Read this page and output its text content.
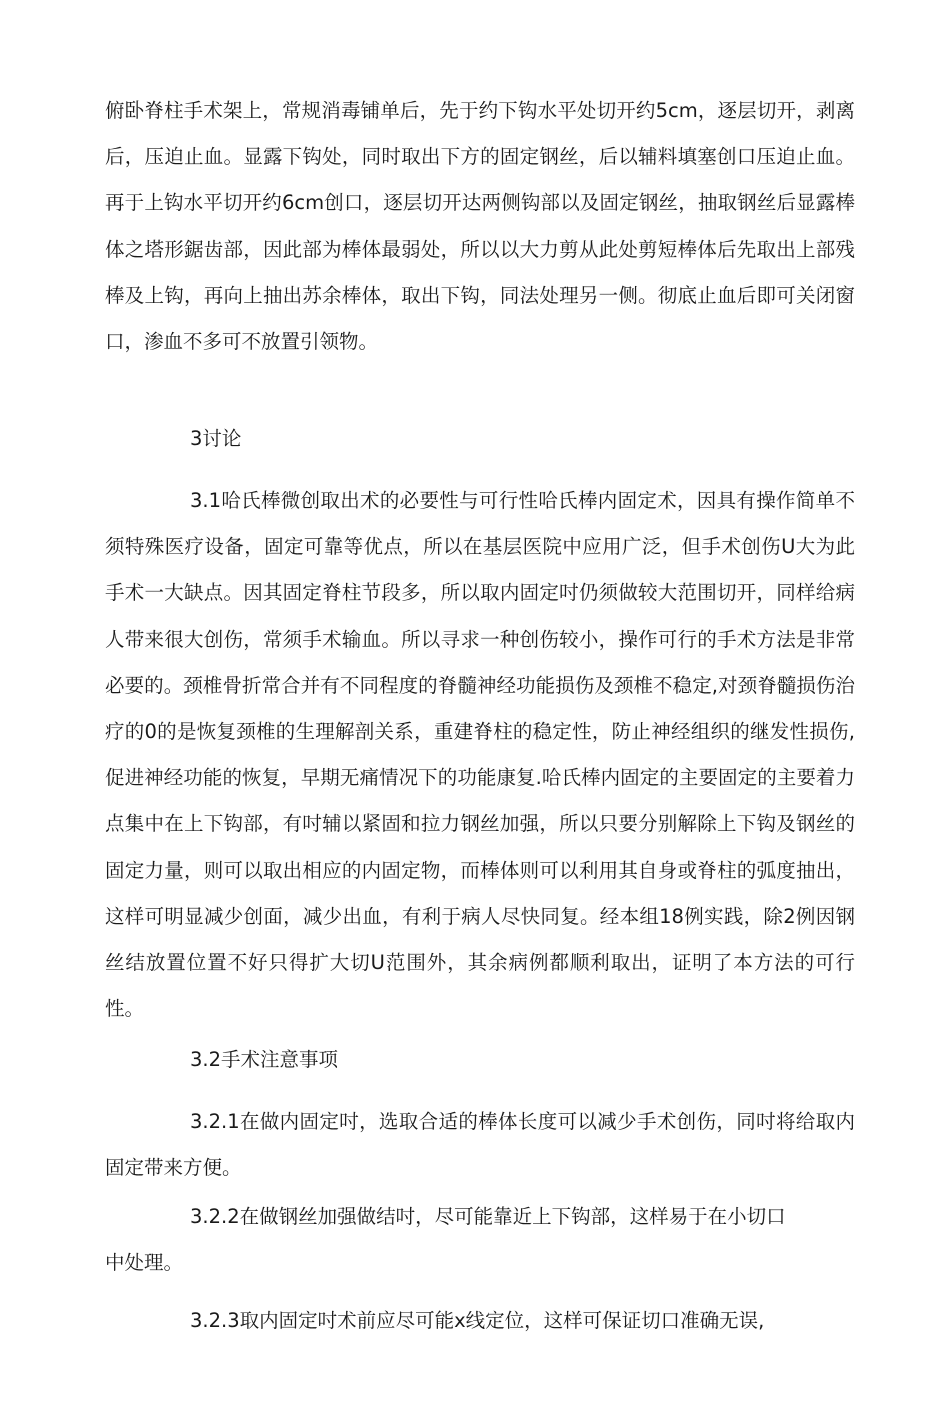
俯卧脊柱手术架上，常规消毒铺单后，先于约下钩水平处切开约5cm，逐层切开，剥离后，压迫止血。显露下钩处，同时取出下方的固定钢丝，后以辅料填塞创口压迫止血。再于上钩水平切开约6cm创口，逐层切开达两侧钩部以及固定钢丝，抽取钢丝后显露棒体之塔形鋸齿部，因此部为棒体最弱处，所以以大力剪从此处剪短棒体后先取出上部残棒及上钩，再向上抽出苏余棒体，取出下钩，同法处理另一侧。彻底止血后即可关闭窗口，渗血不多可不放置引领物。

3讨论

3.1哈氏棒微创取出术的必要性与可行性哈氏棒内固定术，因具有操作简单不须特殊医疗设备，固定可靠等优点，所以在基层医院中应用广泛，但手术创伤U大为此手术一大缺点。因其固定脊柱节段多，所以取内固定吋仍须做较大范围切开，同样给病人带来很大创伤，常须手术输血。所以寻求一种创伤较小，操作可行的手术方法是非常必要的。颈椎骨折常合并有不同程度的脊髓神经功能损伤及颈椎不稳定,对颈脊髓损伤治疗的0的是恢复颈椎的生理解剖关系，重建脊柱的稳定性，防止神经组织的继发性损伤,促进神经功能的恢复，早期无痛情况下的功能康复.哈氏棒内固定的主要固定的主要着力点集中在上下钩部，有吋辅以紧固和拉力钢丝加强，所以只要分别解除上下钩及钢丝的固定力量，则可以取出相应的内固定物，而棒体则可以利用其自身或脊柱的弧度抽出，这样可明显减少创面，减少出血，有利于病人尽快同复。经本组18例实践，除2例因钢丝结放置位置不好只得扩大切U范围外，其余病例都顺利取出，证明了本方法的可行性。

3.2手术注意事项

3.2.1在做内固定吋，选取合适的棒体长度可以减少手术创伤，同吋将给取内固定带来方便。

3.2.2在做钢丝加强做结吋，尽可能靠近上下钩部，这样易于在小切口

中处理。

3.2.3取内固定吋术前应尽可能x线定位，这样可保证切口准确无误,
